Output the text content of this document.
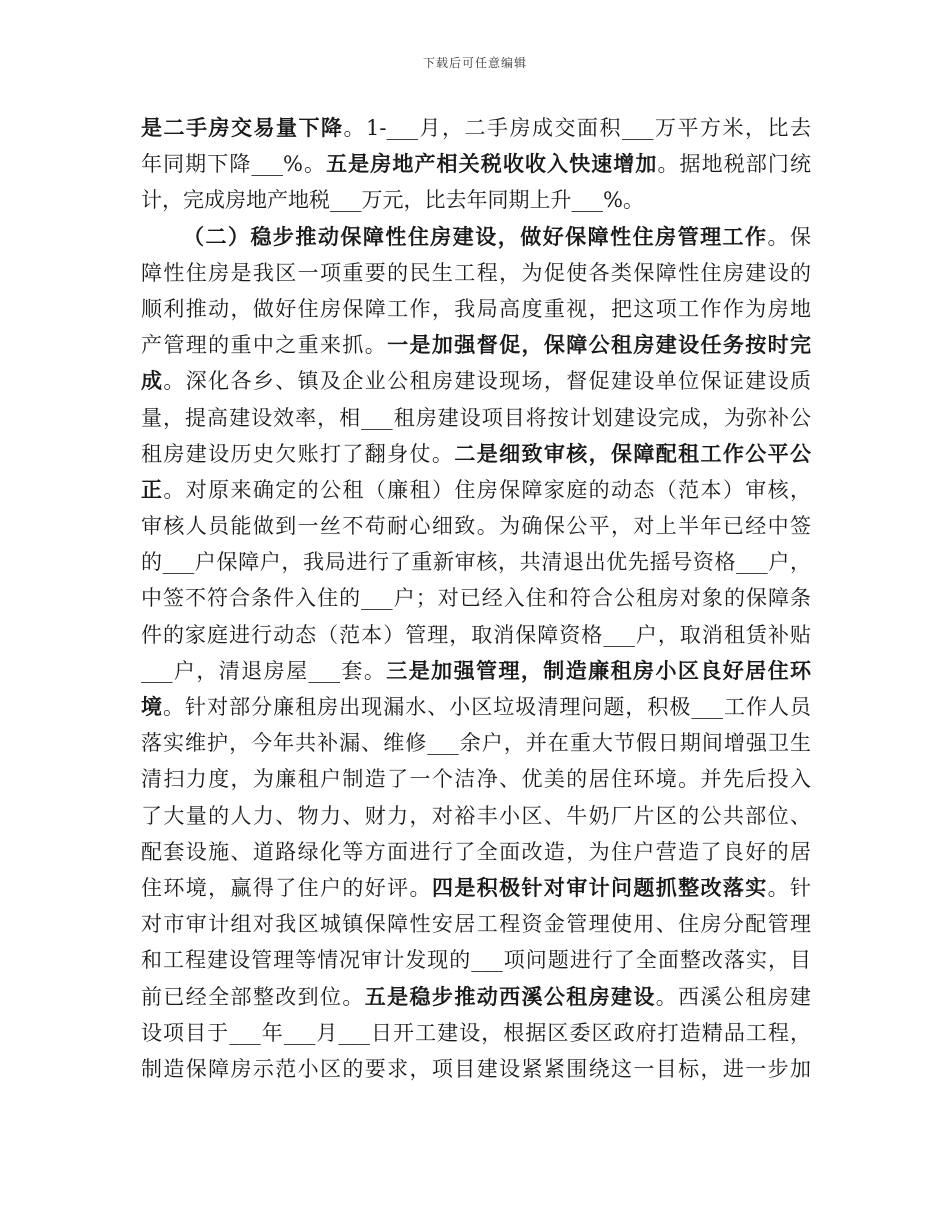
下载后可任意编辑
是二手房交易量下降。1-___月，二手房成交面积___万平方米，比去
年同期下降___%。五是房地产相关税收收入快速增加。据地税部门统
计，完成房地产地税___万元，比去年同期上升___%。
（二）稳步推动保障性住房建设，做好保障性住房管理工作。保
障性住房是我区一项重要的民生工程，为促使各类保障性住房建设的
顺利推动，做好住房保障工作，我局高度重视，把这项工作作为房地
产管理的重中之重来抓。一是加强督促，保障公租房建设任务按时完
成。深化各乡、镇及企业公租房建设现场，督促建设单位保证建设质
量，提高建设效率，相___租房建设项目将按计划建设完成，为弥补公
租房建设历史欠账打了翻身仗。二是细致审核，保障配租工作公平公
正。对原来确定的公租（廉租）住房保障家庭的动态（范本）审核，
审核人员能做到一丝不苟耐心细致。为确保公平，对上半年已经中签
的___户保障户，我局进行了重新审核，共清退出优先摇号资格___户，
中签不符合条件入住的___户；对已经入住和符合公租房对象的保障条
件的家庭进行动态（范本）管理，取消保障资格___户，取消租赁补贴
___户，清退房屋___套。三是加强管理，制造廉租房小区良好居住环
境。针对部分廉租房出现漏水、小区垃圾清理问题，积极___工作人员
落实维护，今年共补漏、维修___余户，并在重大节假日期间增强卫生
清扫力度，为廉租户制造了一个洁净、优美的居住环境。并先后投入
了大量的人力、物力、财力，对裕丰小区、牛奶厂片区的公共部位、
配套设施、道路绿化等方面进行了全面改造，为住户营造了良好的居
住环境，赢得了住户的好评。四是积极针对审计问题抓整改落实。针
对市审计组对我区城镇保障性安居工程资金管理使用、住房分配管理
和工程建设管理等情况审计发现的___项问题进行了全面整改落实，目
前已经全部整改到位。五是稳步推动西溪公租房建设。西溪公租房建
设项目于___年___月___日开工建设，根据区委区政府打造精品工程，
制造保障房示范小区的要求，项目建设紧紧围绕这一目标，进一步加
